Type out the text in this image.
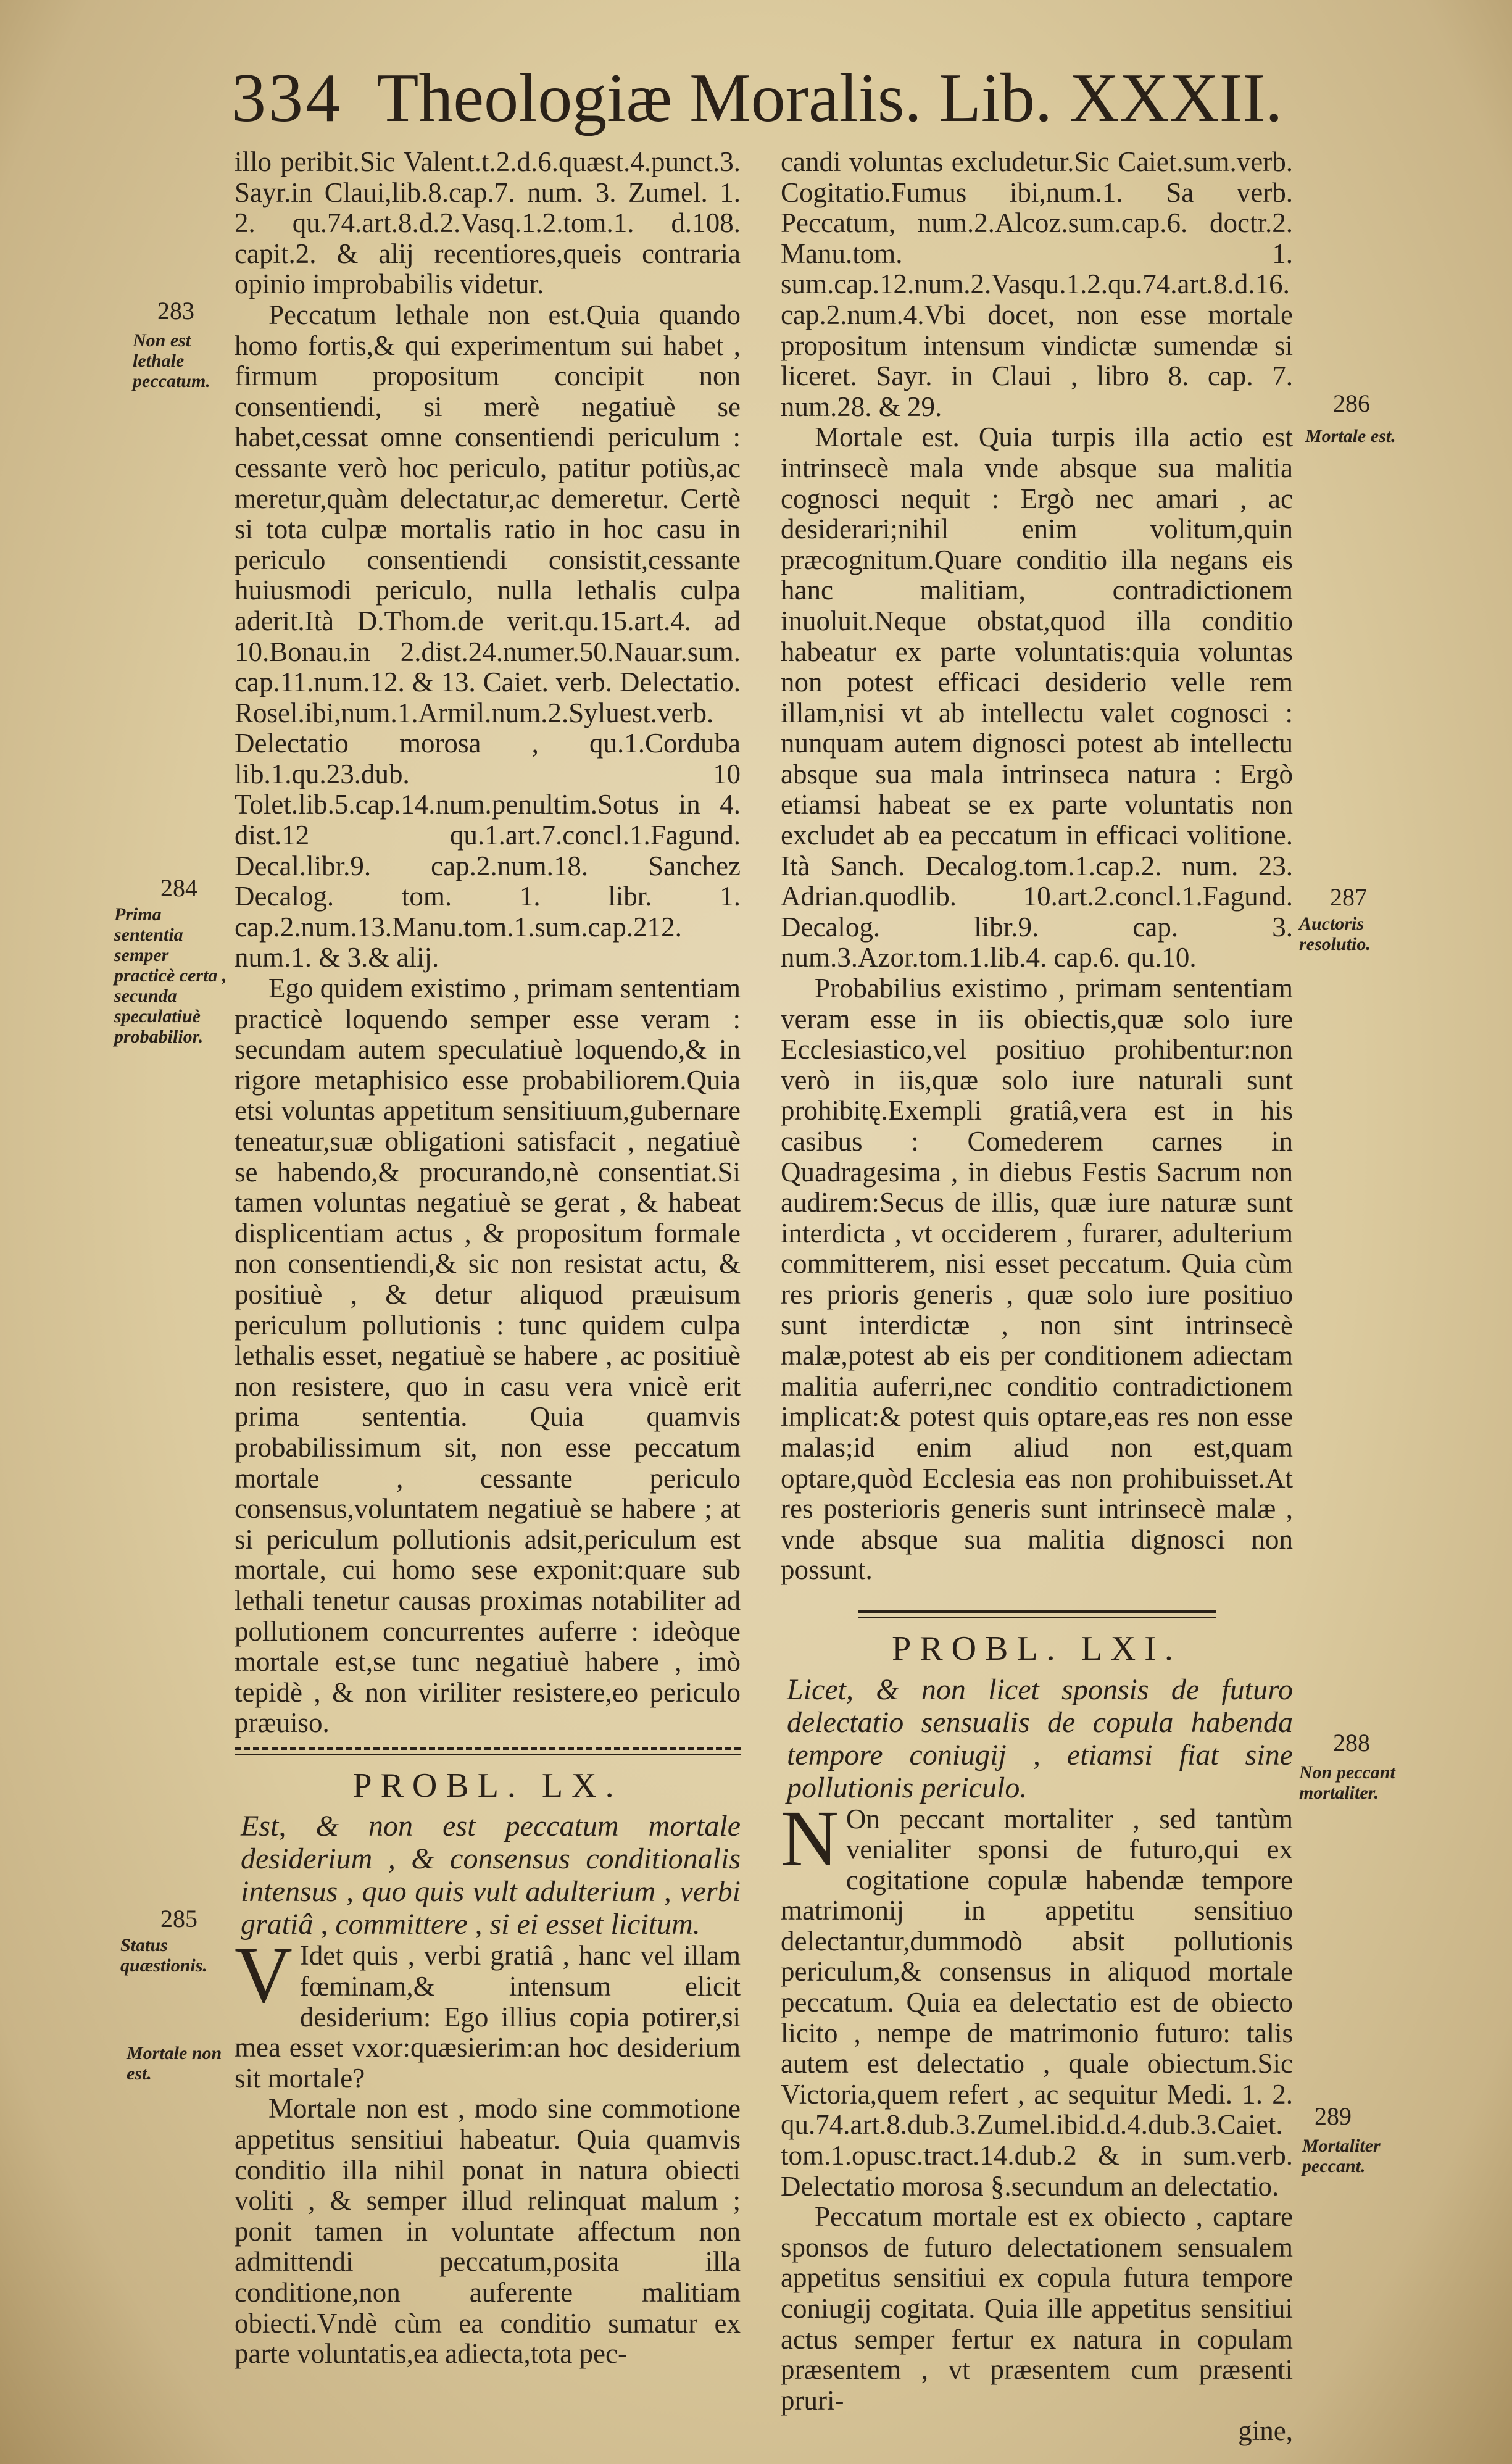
334 Theologiæ Moralis. Lib. XXXII.

illo peribit.Sic Valent.t.2.d.6.quæst.4.punct.3. Sayr.in Claui,lib.8.cap.7. num. 3. Zumel. 1. 2. qu.74.art.8.d.2.Vasq.1.2.tom.1. d.108. capit.2. & alij recentiores,queis contraria opinio improbabilis videtur.

Peccatum lethale non est.Quia quando homo fortis,& qui experimentum sui habet , firmum propositum concipit non consentiendi, si merè negatiuè se habet,cessat omne consentiendi periculum : cessante verò hoc periculo, patitur potiùs,ac meretur,quàm delectatur,ac demeretur. Certè si tota culpæ mortalis ratio in hoc casu in periculo consentiendi consistit,cessante huiusmodi periculo, nulla lethalis culpa aderit.Ità D.Thom.de verit.qu.15.art.4. ad 10.Bonau.in 2.dist.24.numer.50.Nauar.sum. cap.11.num.12. & 13. Caiet. verb. Delectatio. Rosel.ibi,num.1.Armil.num.2.Syluest.verb. Delectatio morosa , qu.1.Corduba lib.1.qu.23.dub. 10 Tolet.lib.5.cap.14.num.penultim.Sotus in 4. dist.12 qu.1.art.7.concl.1.Fagund. Decal.libr.9. cap.2.num.18. Sanchez Decalog. tom. 1. libr. 1. cap.2.num.13.Manu.tom.1.sum.cap.212. num.1. & 3.& alij.

Ego quidem existimo , primam sententiam practicè loquendo semper esse veram : secundam autem speculatiuè loquendo,& in rigore metaphisico esse probabiliorem.Quia etsi voluntas appetitum sensitiuum,gubernare teneatur,suæ obligationi satisfacit , negatiuè se habendo,& procurando,nè consentiat.Si tamen voluntas negatiuè se gerat , & habeat displicentiam actus , & propositum formale non consentiendi,& sic non resistat actu, & positiuè , & detur aliquod præuisum periculum pollutionis : tunc quidem culpa lethalis esset, negatiuè se habere , ac positiuè non resistere, quo in casu vera vnicè erit prima sententia. Quia quamvis probabilissimum sit, non esse peccatum mortale , cessante periculo consensus,voluntatem negatiuè se habere ; at si periculum pollutionis adsit,periculum est mortale, cui homo sese exponit:quare sub lethali tenetur causas proximas notabiliter ad pollutionem concurrentes auferre : ideòque mortale est,se tunc negatiuè habere , imò tepidè , & non viriliter resistere,eo periculo præuiso.

PROBL. LX.

Est, & non est peccatum mortale desiderium , & consensus conditionalis intensus , quo quis vult adulterium , verbi gratiâ , committere , si ei esset licitum.

V Idet quis , verbi gratiâ , hanc vel illam fœminam,& intensum elicit desiderium: Ego illius copia potirer,si mea esset vxor:quæsierim:an hoc desiderium sit mortale?

Mortale non est , modo sine commotione appetitus sensitiui habeatur. Quia quamvis conditio illa nihil ponat in natura obiecti voliti , & semper illud relinquat malum ; ponit tamen in voluntate affectum non admittendi peccatum,posita illa conditione,non auferente malitiam obiecti.Vndè cùm ea conditio sumatur ex parte voluntatis,ea adiecta,tota pec-

candi voluntas excludetur.Sic Caiet.sum.verb. Cogitatio.Fumus ibi,num.1. Sa verb. Peccatum, num.2.Alcoz.sum.cap.6. doctr.2. Manu.tom. 1. sum.cap.12.num.2.Vasqu.1.2.qu.74.art.8.d.16. cap.2.num.4.Vbi docet, non esse mortale propositum intensum vindictæ sumendæ si liceret. Sayr. in Claui , libro 8. cap. 7. num.28. & 29.

Mortale est. Quia turpis illa actio est intrinsecè mala vnde absque sua malitia cognosci nequit : Ergò nec amari , ac desiderari;nihil enim volitum,quin præcognitum.Quare conditio illa negans eis hanc malitiam, contradictionem inuoluit.Neque obstat,quod illa conditio habeatur ex parte voluntatis:quia voluntas non potest efficaci desiderio velle rem illam,nisi vt ab intellectu valet cognosci : nunquam autem dignosci potest ab intellectu absque sua mala intrinseca natura : Ergò etiamsi habeat se ex parte voluntatis non excludet ab ea peccatum in efficaci volitione. Ità Sanch. Decalog.tom.1.cap.2. num. 23. Adrian.quodlib. 10.art.2.concl.1.Fagund. Decalog. libr.9. cap. 3. num.3.Azor.tom.1.lib.4. cap.6. qu.10.

Probabilius existimo , primam sententiam veram esse in iis obiectis,quæ solo iure Ecclesiastico,vel positiuo prohibentur:non verò in iis,quæ solo iure naturali sunt prohibitę.Exempli gratiâ,vera est in his casibus : Comederem carnes in Quadragesima , in diebus Festis Sacrum non audirem:Secus de illis, quæ iure naturæ sunt interdicta , vt occiderem , furarer, adulterium committerem, nisi esset peccatum. Quia cùm res prioris generis , quæ solo iure positiuo sunt interdictæ , non sint intrinsecè malæ,potest ab eis per conditionem adiectam malitia auferri,nec conditio contradictionem implicat:& potest quis optare,eas res non esse malas;id enim aliud non est,quam optare,quòd Ecclesia eas non prohibuisset.At res posterioris generis sunt intrinsecè malæ , vnde absque sua malitia dignosci non possunt.

PROBL. LXI.

Licet, & non licet sponsis de futuro delectatio sensualis de copula habenda tempore coniugij , etiamsi fiat sine pollutionis periculo.

N On peccant mortaliter , sed tantùm venialiter sponsi de futuro,qui ex cogitatione copulæ habendæ tempore matrimonij in appetitu sensitiuo delectantur,dummodò absit pollutionis periculum,& consensus in aliquod mortale peccatum. Quia ea delectatio est de obiecto licito , nempe de matrimonio futuro: talis autem est delectatio , quale obiectum.Sic Victoria,quem refert , ac sequitur Medi. 1. 2. qu.74.art.8.dub.3.Zumel.ibid.d.4.dub.3.Caiet. tom.1.opusc.tract.14.dub.2 & in sum.verb. Delectatio morosa §.secundum an delectatio.

Peccatum mortale est ex obiecto , captare sponsos de futuro delectationem sensualem appetitus sensitiui ex copula futura tempore coniugij cogitata. Quia ille appetitus sensitiui actus semper fertur ex natura in copulam præsentem , vt præsentem cum præsenti pruri-

gine,

283
Non est lethale peccatum.
284
Prima sententia semper practicè certa , secunda speculatiuè probabilior.
285
Status quæstionis.
Mortale non est.
286
Mortale est.
287
Auctoris resolutio.
288
Non peccant mortaliter.
289
Mortaliter peccant.
